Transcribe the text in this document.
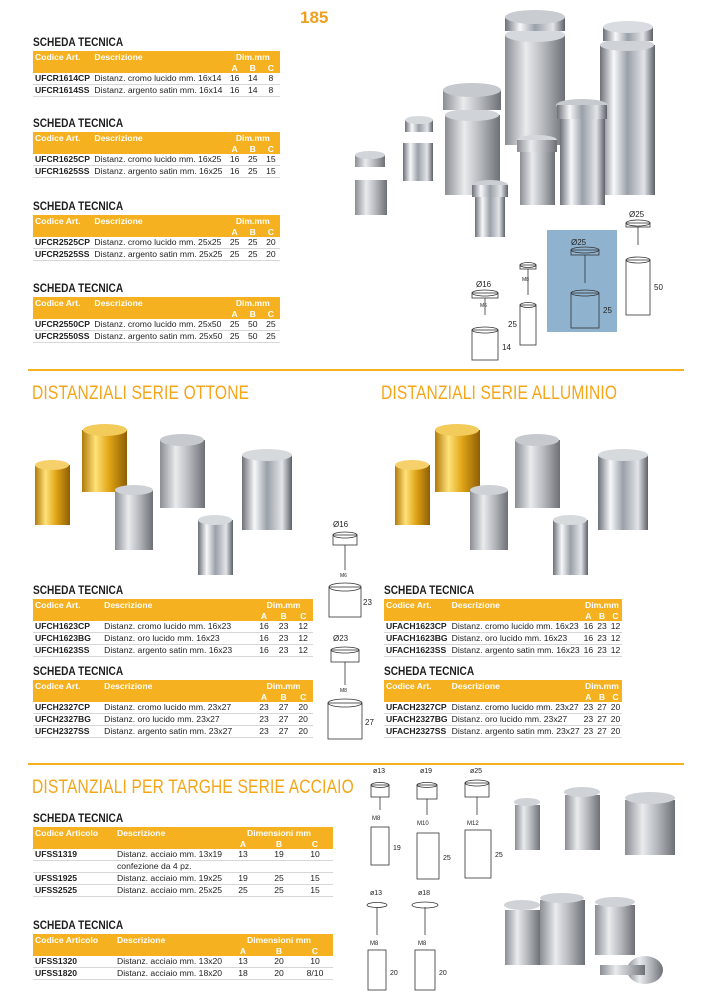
185
Ø16
Ø25
Ø25
M6
M8
14
25
25
50
DISTANZIALI SERIE OTTONE	DISTANZIALI SERIE ALLUMINIO
Ø16
Ø23
M6
M8
23
27
DISTANZIALI PER TARGHE SERIE ACCIAIO
ø13	ø19	ø25
M8
M10	M12
19
25	25
ø13	ø18
M8	M8
20	20
SCHEDA TECNICA
Codice Art.	Descrizione	Dim.mm		
		A	B	C
UFCR1614CP	Distanz. cromo lucido mm. 16x14	16	14	8
UFCR1614SS	Distanz. argento satin mm. 16x14	16	14	8
SCHEDA TECNICA
Codice Art.	Descrizione	Dim.mm		
		A	B	C
UFCR1625CP	Distanz. cromo lucido mm. 16x25	16	25	15
UFCR1625SS	Distanz. argento satin mm. 16x25	16	25	15
SCHEDA TECNICA
Codice Art.	Descrizione	Dim.mm		
		A	B	C
UFCR2525CP	Distanz. cromo lucido mm. 25x25	25	25	20
UFCR2525SS	Distanz. argento satin mm. 25x25	25	25	20
SCHEDA TECNICA
Codice Art.	Descrizione	Dim.mm		
		A	B	C
UFCR2550CP	Distanz. cromo lucido mm. 25x50	25	50	25
UFCR2550SS	Distanz. argento satin mm. 25x50	25	50	25
SCHEDA TECNICA
Codice Art.	Descrizione	Dim.mm		
		A	B	C
UFCH1623CP	Distanz. cromo lucido mm. 16x23	16	23	12
UFCH1623BG	Distanz. oro lucido mm. 16x23	16	23	12
UFCH1623SS	Distanz. argento satin mm. 16x23	16	23	12
SCHEDA TECNICA
Codice Art.	Descrizione	Dim.mm		
		A	B	C
UFCH2327CP	Distanz. cromo lucido mm. 23x27	23	27	20
UFCH2327BG	Distanz. oro lucido mm. 23x27	23	27	20
UFCH2327SS	Distanz. argento satin mm. 23x27	23	27	20
SCHEDA TECNICA
Codice Art.	Descrizione	Dim.mm		
		A	B	C
UFACH1623CP	Distanz. cromo lucido mm. 16x23	16	23	12
UFACH1623BG	Distanz. oro lucido mm. 16x23	16	23	12
UFACH1623SS	Distanz. argento satin mm. 16x23	16	23	12
SCHEDA TECNICA
Codice Art.	Descrizione	Dim.mm		
		A	B	C
UFACH2327CP	Distanz. cromo lucido mm. 23x27	23	27	20
UFACH2327BG	Distanz. oro lucido mm. 23x27	23	27	20
UFACH2327SS	Distanz. argento satin mm. 23x27	23	27	20
SCHEDA TECNICA
Codice Articolo	Descrizione	Dimensioni mm		
		A	B	C
UFSS1319	Distanz. acciaio mm. 13x19	13	19	10
	confezione da 4 pz.			
UFSS1925	Distanz. acciaio mm. 19x25	19	25	15
UFSS2525	Distanz. acciaio mm. 25x25	25	25	15
SCHEDA TECNICA
Codice Articolo	Descrizione	Dimensioni mm		
		A	B	C
UFSS1320	Distanz. acciaio mm. 13x20	13	20	10
UFSS1820	Distanz. acciaio mm. 18x20	18	20	8/10
